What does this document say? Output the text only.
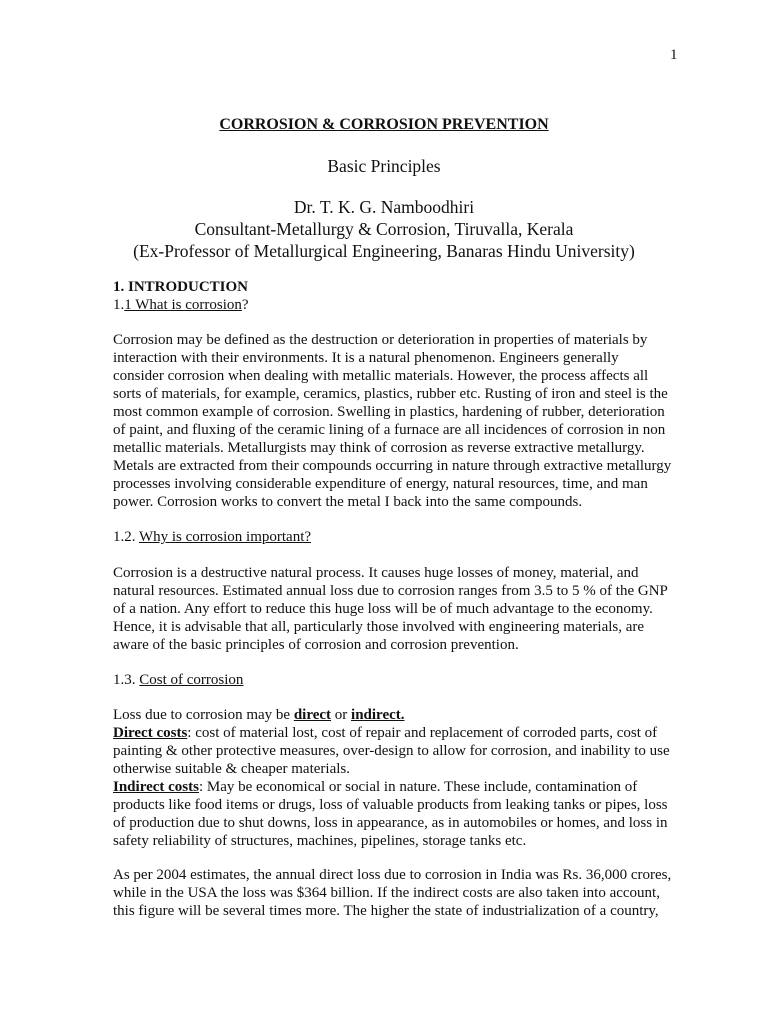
1
CORROSION & CORROSION PREVENTION
Basic Principles
Dr. T. K. G. Namboodhiri
Consultant-Metallurgy & Corrosion, Tiruvalla, Kerala
(Ex-Professor of Metallurgical Engineering, Banaras Hindu University)

1. INTRODUCTION

1.1 What is corrosion?

Corrosion may be defined as the destruction or deterioration in properties of materials by

interaction with their environments. It is a natural phenomenon. Engineers generally

consider corrosion when dealing with metallic materials. However, the process affects all

sorts of materials, for example, ceramics, plastics, rubber etc. Rusting of iron and steel is the

most common example of corrosion. Swelling in plastics, hardening of rubber, deterioration

of paint, and fluxing of the ceramic lining of a furnace are all incidences of corrosion in non

metallic materials. Metallurgists may think of corrosion as reverse extractive metallurgy.

Metals are extracted from their compounds occurring in nature through extractive metallurgy

processes involving considerable expenditure of energy, natural resources, time, and man

power. Corrosion works to convert the metal I back into the same compounds.

1.2. Why is corrosion important?

Corrosion is a destructive natural process. It causes huge losses of money, material, and

natural resources. Estimated annual loss due to corrosion ranges from 3.5 to 5 % of the GNP

of a nation. Any effort to reduce this huge loss will be of much advantage to the economy.

Hence, it is advisable that all, particularly those involved with engineering materials, are

aware of the basic principles of corrosion and corrosion prevention.

1.3. Cost of corrosion

Loss due to corrosion may be direct or indirect.

Direct costs: cost of material lost, cost of repair and replacement of corroded parts, cost of

painting & other protective measures, over-design to allow for corrosion, and inability to use

otherwise suitable & cheaper materials.

Indirect costs: May be economical or social in nature. These include, contamination of

products like food items or drugs, loss of valuable products from leaking tanks or pipes, loss

of production due to shut downs, loss in appearance, as in automobiles or homes, and loss in

safety reliability of structures, machines, pipelines, storage tanks etc.

As per 2004 estimates, the annual direct loss due to corrosion in India was Rs. 36,000 crores,

while in the USA the loss was $364 billion. If the indirect costs are also taken into account,

this figure will be several times more. The higher the state of industrialization of a country,
